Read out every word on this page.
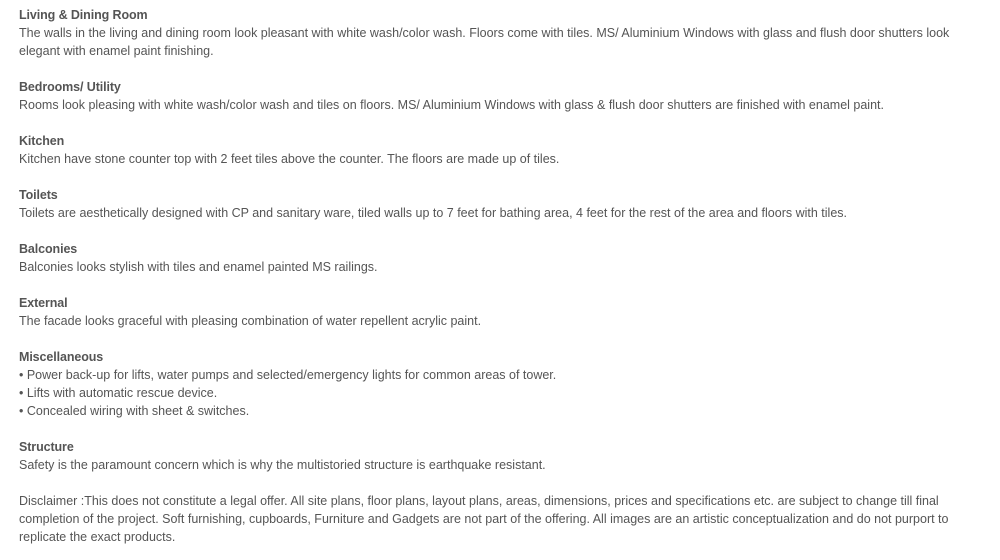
Living & Dining Room
The walls in the living and dining room look pleasant with white wash/color wash. Floors come with tiles. MS/ Aluminium Windows with glass and flush door shutters look elegant with enamel paint finishing.
Bedrooms/ Utility
Rooms look pleasing with white wash/color wash and tiles on floors. MS/ Aluminium Windows with glass & flush door shutters are finished with enamel paint.
Kitchen
Kitchen have stone counter top with 2 feet tiles above the counter. The floors are made up of tiles.
Toilets
Toilets are aesthetically designed with CP and sanitary ware, tiled walls up to 7 feet for bathing area, 4 feet for the rest of the area and floors with tiles.
Balconies
Balconies looks stylish with tiles and enamel painted MS railings.
External
The facade looks graceful with pleasing combination of water repellent acrylic paint.
Miscellaneous
• Power back-up for lifts, water pumps and selected/emergency lights for common areas of tower.
• Lifts with automatic rescue device.
• Concealed wiring with sheet & switches.
Structure
Safety is the paramount concern which is why the multistoried structure is earthquake resistant.

Disclaimer :This does not constitute a legal offer. All site plans, floor plans, layout plans, areas, dimensions, prices and specifications etc. are subject to change till final completion of the project. Soft furnishing, cupboards, Furniture and Gadgets are not part of the offering. All images are an artistic conceptualization and do not purport to replicate the exact products.
